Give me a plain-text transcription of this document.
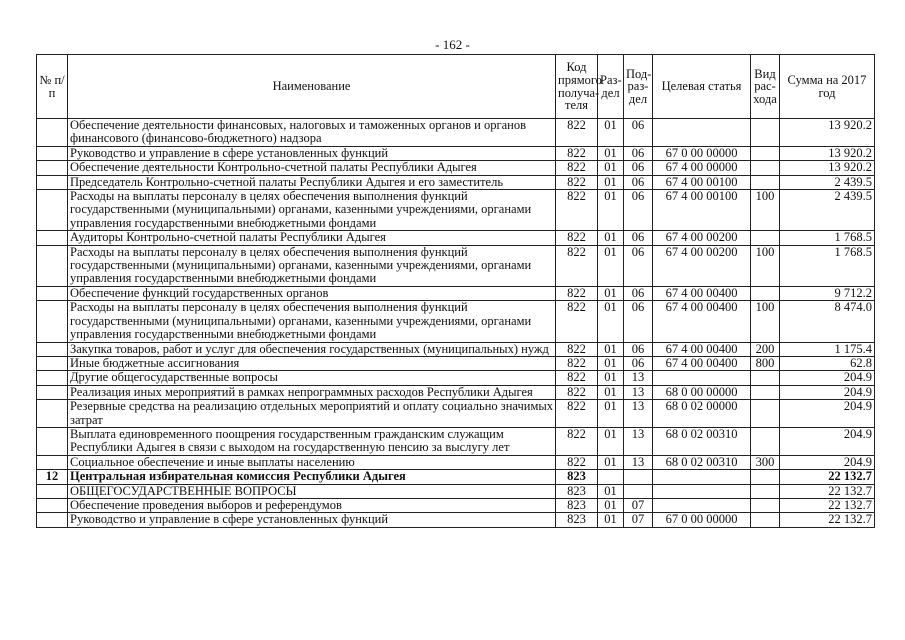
- 162 -
№ п/п	Наименование	Код прямого получа-теля	Раз-дел	Под-раз-дел	Целевая статья	Вид рас-хода	Сумма на 2017 год
	Обеспечение деятельности финансовых, налоговых и таможенных органов и органов финансового (финансово-бюджетного) надзора	822	01	06			13 920.2
	Руководство и управление в сфере установленных функций	822	01	06	67 0 00 00000		13 920.2
	Обеспечение деятельности Контрольно-счетной палаты Республики Адыгея	822	01	06	67 4 00 00000		13 920.2
	Председатель Контрольно-счетной палаты Республики Адыгея и его заместитель	822	01	06	67 4 00 00100		2 439.5
	Расходы на выплаты персоналу в целях обеспечения выполнения функций государственными (муниципальными) органами, казенными учреждениями, органами управления государственными внебюджетными фондами	822	01	06	67 4 00 00100	100	2 439.5
	Аудиторы Контрольно-счетной палаты Республики Адыгея	822	01	06	67 4 00 00200		1 768.5
	Расходы на выплаты персоналу в целях обеспечения выполнения функций государственными (муниципальными) органами, казенными учреждениями, органами управления государственными внебюджетными фондами	822	01	06	67 4 00 00200	100	1 768.5
	Обеспечение функций государственных органов	822	01	06	67 4 00 00400		9 712.2
	Расходы на выплаты персоналу в целях обеспечения выполнения функций государственными (муниципальными) органами, казенными учреждениями, органами управления государственными внебюджетными фондами	822	01	06	67 4 00 00400	100	8 474.0
	Закупка товаров, работ и услуг для обеспечения государственных (муниципальных) нужд	822	01	06	67 4 00 00400	200	1 175.4
	Иные бюджетные ассигнования	822	01	06	67 4 00 00400	800	62.8
	Другие общегосударственные вопросы	822	01	13			204.9
	Реализация иных мероприятий в рамках непрограммных расходов Республики Адыгея	822	01	13	68 0 00 00000		204.9
	Резервные средства на реализацию отдельных мероприятий и оплату социально значимых затрат	822	01	13	68 0 02 00000		204.9
	Выплата единовременного поощрения государственным гражданским служащим Республики Адыгея в связи с выходом на государственную пенсию за выслугу лет	822	01	13	68 0 02 00310		204.9
	Социальное обеспечение и иные выплаты населению	822	01	13	68 0 02 00310	300	204.9
12	Центральная избирательная комиссия Республики Адыгея	823					22 132.7
	ОБЩЕГОСУДАРСТВЕННЫЕ ВОПРОСЫ	823	01				22 132.7
	Обеспечение проведения выборов и референдумов	823	01	07			22 132.7
	Руководство и управление в сфере установленных функций	823	01	07	67 0 00 00000		22 132.7
